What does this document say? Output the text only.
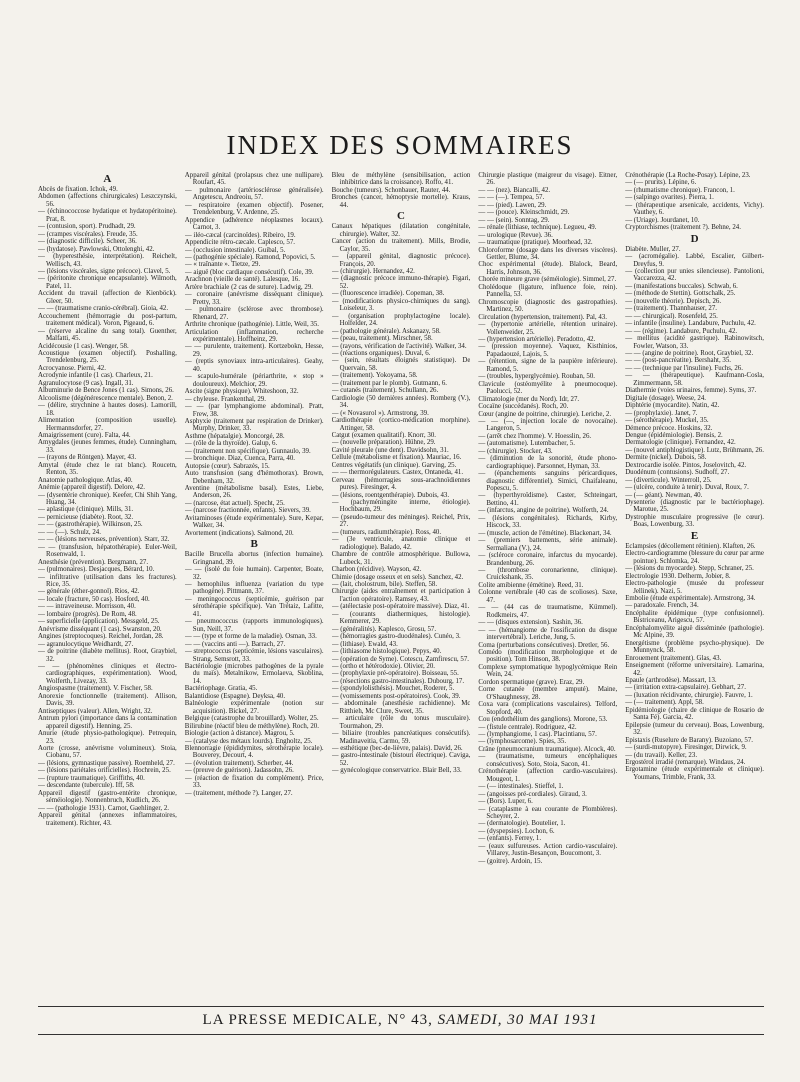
INDEX DES SOMMAIRES

A

Abcès de fixation. Ichok, 49.

Abdomen (affections chirurgicales) Leszczynski, 56.

— (échinococcose hydatique et hydatopéritoine). Prat, 8.

— (contusion, sport). Prudhadt, 29.

— (crampes viscérales). Freude, 35.

— (diagnostic difficile). Scheer, 36.

— (hydatose). Pawlowski, Ottolenghi, 42.

— (hyperesthésie, interprétation). Reichelt, Wellisch, 43.

— (lésions viscérales, signe précoce). Clavel, 5.

— (péritonite chronique encapsulante). Wilmoth, Patel, 11.

Accident du travail (affection de Kienböck). Gleer, 50.

— — (traumatisme cranio-cérébral). Gioia, 42.

Accouchement (hémorragie du post-partum, traitement médical). Voron, Pigeaud, 6.

— (réserve alcaline du sang total). Guenther, Malfatti, 45.

Acidécousie (1 cas). Wenger, 58.

Acoustique (examen objectif). Poshalling, Trendelenburg, 25.

Acrocyanose. Pierni, 42.

Acrodynie infantile (1 cas). Charleux, 21.

Agranulocytose (9 cas). Ingall, 31.

Albuminurie de Bence Jones (1 cas). Simons, 26.

Alcoolisme (dégénérescence mentale). Benon, 2.

— (délire, strychnine à hautes doses). Lamorill, 18.

Alimentation (composition usuelle). Hermannsdorfer, 27.

Amaigrissement (cure). Falta, 44.

Amygdales (jeunes femmes, étude). Cunningham, 33.

— (rayons de Röntgen). Mayer, 43.

Amytal (étude chez le rat blanc). Roucetn, Renton, 35.

Anatomie pathologique. Atlas, 40.

Anémie (appareil digestif). Delore, 42.

— (dysentérie chronique). Keefer, Chi Shih Yang, Huang, 34.

— aplastique (clinique). Mills, 31.

— pernicieuse (diabète). Root, 32.

— — (gastrothérapie). Wilkinson, 25.

— — (—). Schulz, 24.

— — (lésions nerveuses, prévention). Starr, 32.

— — (transfusion, hépatothérapie). Euler-Weil, Rosenwald, 1.

Anesthésie (prévention). Bergmann, 27.

— (pulmonaires). Desjacques, Bérard, 10.

— infiltrative (utilisation dans les fractures). Rice, 35.

— générale (éther-gonnol). Rios, 42.

— locale (fracture, 50 cas). Hosford, 40.

— — intraveineuse. Morrisson, 40.

— lombaire (progrès). De Rom, 48.

— superficielle (application). Messgeld, 25.

Anévrisme disséquant (1 cas). Swanston, 20.

Angines (streptocoques). Reichel, Jordan, 28.

— agranulocytique Weidhardt, 27.

— de poitrine (diabète mellitus). Root, Graybiel, 32.

— — (phénomènes cliniques et électro-cardiographiques, expérimentation). Wood, Wolferth, Livezay, 33.

Angiospasme (traitement). V. Fischer, 58.

Anorexie fonctionnelle (traitement). Allison, Davis, 39.

Antiseptiques (valeur). Allen, Wright, 32.

Antrum pylori (importance dans la contamination appareil digestif). Henning, 25.

Anurie (étude physio-pathologique). Petrequin, 23.

Aorte (crosse, anévrisme volumineux). Stoia, Ciobanu, 57.

— (lésions, gymnastique passive). Roemheld, 27.

— (lésions pariétales orificielles). Hochrein, 25.

— (rupture traumatique). Griffiths, 40.

— descendante (tubercule). Iff, 58.

Appareil digestif (gastro-entérite chronique, séméiologie). Nonnenbruch, Kudlich, 26.

— — (pathologie 1931). Carnot, Gaehlinger, 2.

Appareil génital (annexes inflammatoires, traitement). Richter, 43.

Appareil génital (prolapsus chez une nullipare). Roufart, 45.

— pulmonaire (artériosclérose généralisée). Angetescu, Andreoiu, 57.

— respiratoire (examen objectif). Posener, Trendelenburg, V. Ardenne, 25.

Appendice (adhérence néoplasmes locaux). Carnot, 3.

— iléo-cæcal (carcinoïdes). Ribeiro, 19.

Appendicite rétro-cæcale. Caplesco, 57.

— (occlusion intestinale). Guibal, 5.

— (pathogénie spéciale). Ramond, Popovici, 5.

— « traînante ». Tietze, 29.

— aiguë (bloc cardiaque consécutif). Cole, 39.

Arachnon (vieille de santé). Lalesque, 16.

Artère brachiale (2 cas de suture). Ladwig, 29.

— coronaire (anévrisme disséquant clinique). Pretty, 33.

— pulmonaire (sclérose avec thrombose). Rhenard, 27.

Arthrite chronique (pathogénie). Little, Weil, 35.

Articulation (inflammation, recherche expérimentale). Hoffheinz, 29.

— — purulente, traitement). Kortzebokn, Hesse, 29.

— (reptis synoviaux intra-articulaires). Geahy, 40.

— scapulo-humérale (périarthrite, « stop » douloureux). Melchior, 29.

Ascite (signe physique). Whiteshoon, 32.

— chyleuse. Frankenthal, 29.

— — (par lymphangiome abdominal). Pratt, Frew, 38.

Asphyxie (traitement par respiration de Drinker). Murphy, Drinker, 33.

Asthme (hépatalgie). Moncorgé, 28.

— (rôle de la thyroïde). Galup, 6.

— (traitement non spécifique). Gunnaulo, 39.

— bronchique. Diaz, Cuenca, Parra, 40.

Autopsie (cœur). Sabrazès, 15.

Auto transfusion (sang d'hémothorax). Brown, Debenham, 32.

Aventine (métabolisme basal). Estes, Liebe, Anderson, 26.

— (narcose, état actuel). Specht, 25.

— (narcose fractionnée, enfants). Sievers, 39.

Avitaminoses (étude expérimentale). Sure, Kepar, Walker, 34.

Avortement (indications). Salmond, 20.

B

Bacille Brucella abortus (infection humaine). Gringnand, 39.

— — (isolé du foie humain). Carpenter, Boate, 32.

— hemophilus influenza (variation du type pathogène). Pittmann, 37.

— meningococcus (septicémie, guérison par sérothérapie spécifique). Van Trétaiz, Lafitte, 41.

— pneumococcus (rapports immunologiques). Sun, Neill, 37.

— — (type et forme de la maladie). Osman, 33.

— — (vaccins anti —). Barrach, 27.

— streptococcus (septicémie, lésions vasculaires). Strang, Semsrott, 33.

Bactériologie (microbes pathogènes de la pyrale du maïs). Metalnikow, Ermolaeva, Skoblina, 14.

Bactériophage. Gratia, 45.

Balantidiose (Espagne). Deyksa, 40.

Balnéologie expérimentale (notion sur acquisition). Bickel, 27.

Belgique (catastrophe du brouillard). Wolter, 25.

Bilirubine (réactif bleu de méthylène). Roch, 20.

Biologie (action à distance). Magrou, 5.

— (catalyse des métaux lourds). Engholtz, 25.

Blennorragie (épididymites, sérothérapie locale). Bouverey, Decourt, 4.

— (évolution traitement). Scherber, 44.

— (preuve de guérison). Jadassohn, 26.

— (réaction de fixation du complément). Price, 33.

— (traitement, méthode ?). Langer, 27.

Bleu de méthylène (sensibilisation, action inhibitrice dans la croissance). Roffo, 41.

Bouche (tumeurs). Schonbauer, Rauter, 44.

Bronches (cancer, hémoptysie mortelle). Kraus, 44.

C

Canaux hépatiques (dilatation congénitale, chirurgie). Walter, 32.

Cancer (action du traitement). Mills, Brodie, Caylor, 35.

— (appareil génital, diagnostic précoce). François, 20.

— (chirurgie). Hernandez, 42.

— (diagnostic précoce immuno-thérapie). Figari, 52.

— (fluorescence irradiée). Copeman, 38.

— (modifications physico-chimiques du sang). Loiseleur, 3.

— (organisation prophylactogène locale). Holfelder, 24.

— (pathologie générale). Askanazy, 58.

— (peau, traitement). Mirschner, 58.

— (rayons, vérification de l'activité). Walker, 34.

— (réactions organiques). Duval, 6.

— (sein, résultats éloignés statistique). De Quervain, 58.

— (traitement). Yokoyama, 58.

— (traitement par le plomb). Gutmann, 6.

— cutanés (traitement). Schullann, 26.

Cardiologie (50 dernières années). Romberg (V.), 34.

— (« Novasurol »). Armstrong, 39.

Cardiothérapie (cortico-médication morphine). Attinger, 58.

Catgut (examen qualitatif). Knorr, 30.

— (nouvelle préparation). Hühne, 29.

Cavité pleurale (une dent). Davidsohn, 31.

Cellule (métabolisme et fixation). Mauriac, 16.

Centres végétatifs (un clinique). Garving, 25.

— — thermorégulateurs. Castex, Ontaneda, 41.

Cerveau (hémorragies sous-arachnoïdiennes pures). Firesinger, 4.

— (lésions, roentgenthérapie). Dubois, 43.

— (pachyméningite interne, étiologie). Hochbaum, 29.

— (pseudo-tumeur des méninges). Reichel, Prix, 27.

— (tumeurs, radiumthérapie). Ross, 40.

— (3e ventricule, anatomie clinique et radiologique). Balado, 42.

Chambre de contrôle atmosphérique. Bullowa, Lubeck, 31.

Charbon (récidive). Wayson, 42.

Chimie (dosage osseux et en sels). Sanchez, 42.

— (lait, cholostrum, bile). Steffen, 58.

Chirurgie (aides entraînement et participation à l'action opératoire). Ramsey, 43.

— (atélectasie post-opératoire massive). Diaz, 41.

— (courants diathermiques, histologie). Kemmerer, 29.

— (généralités). Kaplesco, Grosu, 57.

— (hémorragies gastro-duodénales). Cunéo, 3.

— (lithiase). Ewald, 43.

— (lithiasome histologique). Pepys, 40.

— (opération de Syme). Cotescu, Zamfirescu, 57.

— (ortho et hétérodoxie). Olivier, 20.

— (prophylaxie pré-opératoire). Boisseau, 55.

— (résections gastro-intestinales). Dubourg, 17.

— (spondylolisthésis). Mouchet, Roderer, 5.

— (vomissements post-opératoires). Cook, 39.

— abdominale (anesthésie rachidienne). Mc Ritthieh, Mc Clure, Sweet, 35.

— articulaire (rôle du tonus musculaire). Tourmahon, 29.

— biliaire (troubles pancréatiques consécutifs). Madinaveitia, Carmo, 59.

— esthétique (bec-de-lièvre, palais). David, 26.

— gastro-intestinale (bistouri électrique). Caviga, 52.

— gynécologique conservatrice. Blair Bell, 33.

Chirurgie plastique (maigreur du visage). Eitner, 26.

— — (nez). Biancalli, 42.

— — (—). Tempea, 57.

— — (pied). Lawen, 29.

— — (pouce). Kleinschmidt, 29.

— — (sein). Sonntag, 29.

— rénale (lithiase, technique). Legueu, 49.

— urologique (Revue). 36.

— traumatique (pratique). Moorhead, 32.

Chloroforme (dosage dans les diverses viscères). Gettler, Blume, 34.

Choc expérimental (étude). Blalock, Beard, Harris, Johnson, 36.

Chorée mineure grave (séméiologie). Simmel, 27.

Cholédoque (ligature, influence foie, rein). Pannella, 53.

Chromoscopie (diagnostic des gastropathies). Martinez, 50.

Circulation (hypertension, traitement). Pal, 43.

— (hypertonie artérielle, rétention urinaire). Vollenweider, 25.

— (hypertension artérielle). Peradotto, 42.

— (pression moyenne). Vaquez, Kisthinios, Papadaouzé, Lajois, 5.

— (rétention, signe de la paupière inférieure). Ramond, 5.

— (troubles, hyperglycémie). Rouban, 50.

Clavicule (ostéomyélite à pneumocoque). Paolucci, 52.

Climatologie (mer du Nord). Idr, 27.

Cocaïne (succédanés). Roch, 20.

Cœur (angine de poitrine, chirurgie). Leriche, 2.

— — (—, injection locale de novocaïne). Langeron, 5.

— (arrêt chez l'homme). V. Hoesslin, 26.

— (automatisme). Lutembacher, 5.

— (chirurgie). Stocker, 43.

— (diminution de la sonorité, étude phono-cardiographique). Parsonnet, Hyman, 33.

— (épanchements sanguins péricardiques, diagnostic différentiel). Simici, Chaifaleanu, Popescu, 5.

— (hyperthyroïdisme). Caster, Schteingart, Bettino, 41.

— (infarctus, angine de poitrine). Wolferth, 24.

— (lésions congénitales). Richards, Kirby, Hiscock, 33.

— (muscle, action de l'émétine). Blackenart, 34.

— (premiers battements, série animale). Sermaliana (V.), 24.

— (scléroce coronaire, infarctus du myocarde). Brandenburg, 26.

— (thrombose coronarienne, clinique). Cruickshank, 35.

Colite amibienne (émétine). Reed, 31.

Colonne vertébrale (40 cas de scolioses). Saxe, 47.

— — (44 cas de traumatisme, Kümmel). Rodkmeirs, 47.

— — (disques extension). Sashin, 36.

— — (hémangiome de l'ossification du disque intervertébral). Leriche, Jung, 5.

Coma (perturbations consécutives). Dretler, 56.

Comédo (modification morphologique et de position). Tom Hinson, 38.

Complexe symptomatique hypoglycémique Rein Wein, 24.

Cordon spermatique (grave). Eraz, 29.

Corne cutanée (membre amputé). Maine, O'Shaughnessy, 28.

Coxa vara (complications vasculaires). Telford, Stopford, 40.

Cou (endothélium des ganglions). Morone, 53.

— (fistule centrale). Rodriguez, 42.

— (lymphangiome, 1 cas). Placintianu, 57.

— (lymphosarcome). Spies, 35.

Crâne (pneumocranium traumatique). Alcock, 40.

— (traumatisme, tumeurs encéphaliques consécutives). Soto, Stoia, Sacon, 41.

Crénothérapie (affection cardio-vasculaires). Mougeot, 1.

— (— intestinales). Stieffel, 1.

— (angoisses pré-cordiales). Giraud, 3.

— (Bors). Luper, 6.

— (cataplasme à eau courante de Plombières). Scheyrer, 2.

— (dermatologie). Boutelier, 1.

— (dyspepsies). Lochon, 6.

— (enfants). Ferrey, 1.

— (eaux sulfureuses. Action cardio-vasculaire). Villarey, Justin-Besançon, Boucomont, 3.

— (goitre). Ardoin, 15.

Crénothérapie (La Roche-Posay). Lépine, 23.

— (— prurits). Lépine, 6.

— (rhumatisme chronique). Francon, 1.

— (salpingo ovarites). Pierra, 1.

— (thérapeutique arsenicale, accidents, Vichy). Vauthey, 6.

— (Uriage). Jourdanet, 10.

Cryptorchismes (traitement ?). Behne, 24.

D

Diabète. Muller, 27.

— (acromégalie). Labbé, Escalier, Gilbert-Dreyfus, 9.

— (collection pur unies silencieuse). Pantolioni, Vaccarezza, 42.

— (manifestations buccales). Schwab, 6.

— (méthode de Stettin). Gottschalk, 25.

— (nouvelle théorie). Depisch, 26.

— (traitement). Thannhauser, 27.

— — chirurgical). Rosenfeld, 25.

— infantile (insuline). Landabure, Puchulu, 42.

— — (régime). Landabure, Puchulu, 42.

— mellitus (acidité gastrique). Rabinowitsch, Fowler, Watson, 33.

— — (angine de poitrine). Root, Graybiel, 32.

— — (post-pancréatite). Bershaht, 35.

— — (technique par l'insuline). Fuchs, 26.

— — (thérapeutique). Kaufmann-Cosla, Zimmermann, 58.

Diathermie (voies urinaires, femme). Syms, 37.

Digitale (dosage). Weese, 24.

Diphtérie (myocardite). Natin, 42.

— (prophylaxie). Janet, 7.

— (sérothérapie). Muckel, 35.

Démence précoce. Hoskins, 32.

Dengue (épidémiologie). Bensis, 2.

Dermatologie (clinique). Fernandez, 42.

— (nouvel antiphlogistique). Lutz, Brühmann, 26.

Dermite (nickel). Dubois, 58.

Dextrocardie isolée. Pintos, Joselovitch, 42.

Duodénum (contusions). Sudhoff, 27.

— (diverticule). Winterroll, 25.

— (ulcère, conduite à tenir). Duval, Roux, 7.

— (— géant). Newman, 40.

Dysenterie (diagnostic par le bactériophage). Marotue, 25.

Dystrophie musculaire progressive (le cœur). Boas, Lowenburg, 33.

E

Eclampsies (décollement rétinien). Klaften, 26.

Electro-cardiogramme (blessure du cœur par arme pointue). Schlomka, 24.

— (lésions du myocarde). Stepp, Schraner, 25.

Electrologie 1930. Delherm, Jobier, 8.

Electro-pathologie (musée du professeur Jellinek). Nazi, 5.

Embolie (étude expérimentale). Armstrong, 34.

— paradoxale. French, 34.

Encéphalite épidémique (type confusionnel). Bistriceanu, Arigescu, 57.

Encéphalomyélite aiguë disséminée (pathologie). Mc Alpine, 39.

Energétisme (problème psycho-physique). De Munnynck, 58.

Enrouement (traitement). Glas, 43.

Enseignement (réforme universitaire). Lamarina, 42.

Epaule (arthrodèse). Massart, 13.

— (irritation extra-capsulaire). Gebhart, 27.

— (luxation récidivante, chirurgie). Fauvre, 1.

— (— traitement). Appl, 58.

Epidémiologie (chaire de clinique de Rosario de Santa Fé). Garcia, 42.

Epilepsie (tumeur du cerveau). Boas, Lowenburg, 32.

Epistaxis (Ruselure de Barany). Buzoiano, 57.

— (surdi-mutopyre). Firesinger, Dirwick, 9.

— (du travail). Keller, 23.

Ergostérol irradié (remarque). Windaus, 24.

Ergotamine (étude expérimentale et clinique). Youmans, Trimble, Frank, 33.

LA PRESSE MEDICALE, N° 43, SAMEDI, 30 MAI 1931
